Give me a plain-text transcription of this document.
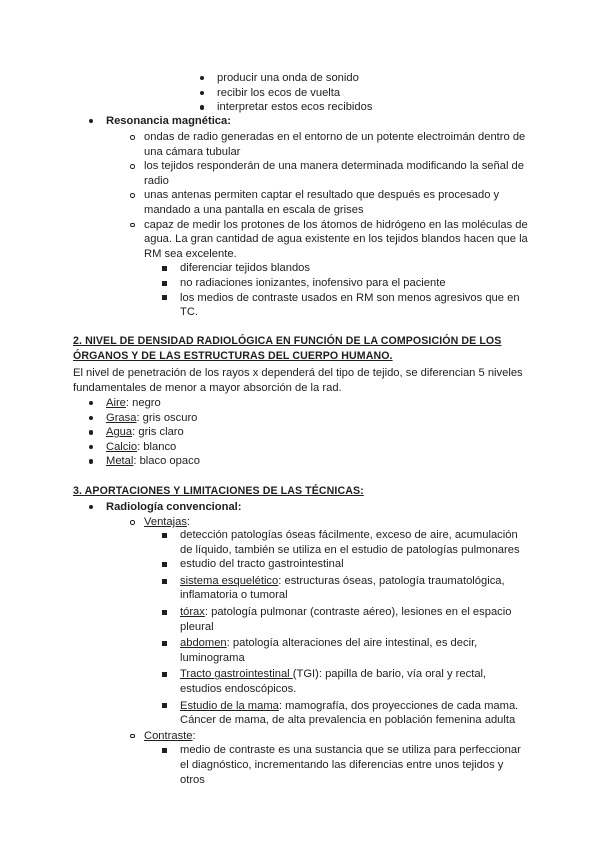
producir una onda de sonido
recibir los ecos de vuelta
interpretar estos ecos recibidos
Resonancia magnética:
ondas de radio generadas en el entorno de un potente electroimán dentro de
una cámara tubular
los tejidos responderán de una manera determinada modificando la señal de
radio
unas antenas permiten captar el resultado que después es procesado y
mandado a una pantalla en escala de grises
capaz de medir los protones de los átomos de hidrógeno en las moléculas de
agua. La gran cantidad de agua existente en los tejidos blandos hacen que la
RM sea excelente.
diferenciar tejidos blandos
no radiaciones ionizantes, inofensivo para el paciente
los medios de contraste usados en RM son menos agresivos que en
TC.
2. NIVEL DE DENSIDAD RADIOLÓGICA EN FUNCIÓN DE LA COMPOSICIÓN DE LOS
ÓRGANOS Y DE LAS ESTRUCTURAS DEL CUERPO HUMANO.
El nivel de penetración de los rayos x dependerá del tipo de tejido, se diferencian 5 niveles
fundamentales de menor a mayor absorción de la rad.
Aire: negro
Grasa: gris oscuro
Agua: gris claro
Calcio: blanco
Metal: blaco opaco
3. APORTACIONES Y LIMITACIONES DE LAS TÉCNICAS:
Radiología convencional:
Ventajas:
detección patologías óseas fácilmente, exceso de aire, acumulación
de líquido, también se utiliza en el estudio de patologías pulmonares
estudio del tracto gastrointestinal
sistema esquelético: estructuras óseas, patología traumatológica,
inflamatoria o tumoral
tórax: patología pulmonar (contraste aéreo), lesiones en el espacio
pleural
abdomen: patología alteraciones del aire intestinal, es decir,
luminograma
Tracto gastrointestinal (TGI): papilla de bario, vía oral y rectal,
estudios endoscópicos.
Estudio de la mama: mamografía, dos proyecciones de cada mama.
Cáncer de mama, de alta prevalencia en población femenina adulta
Contraste:
medio de contraste es una sustancia que se utiliza para perfeccionar
el diagnóstico, incrementando las diferencias entre unos tejidos y
otros
